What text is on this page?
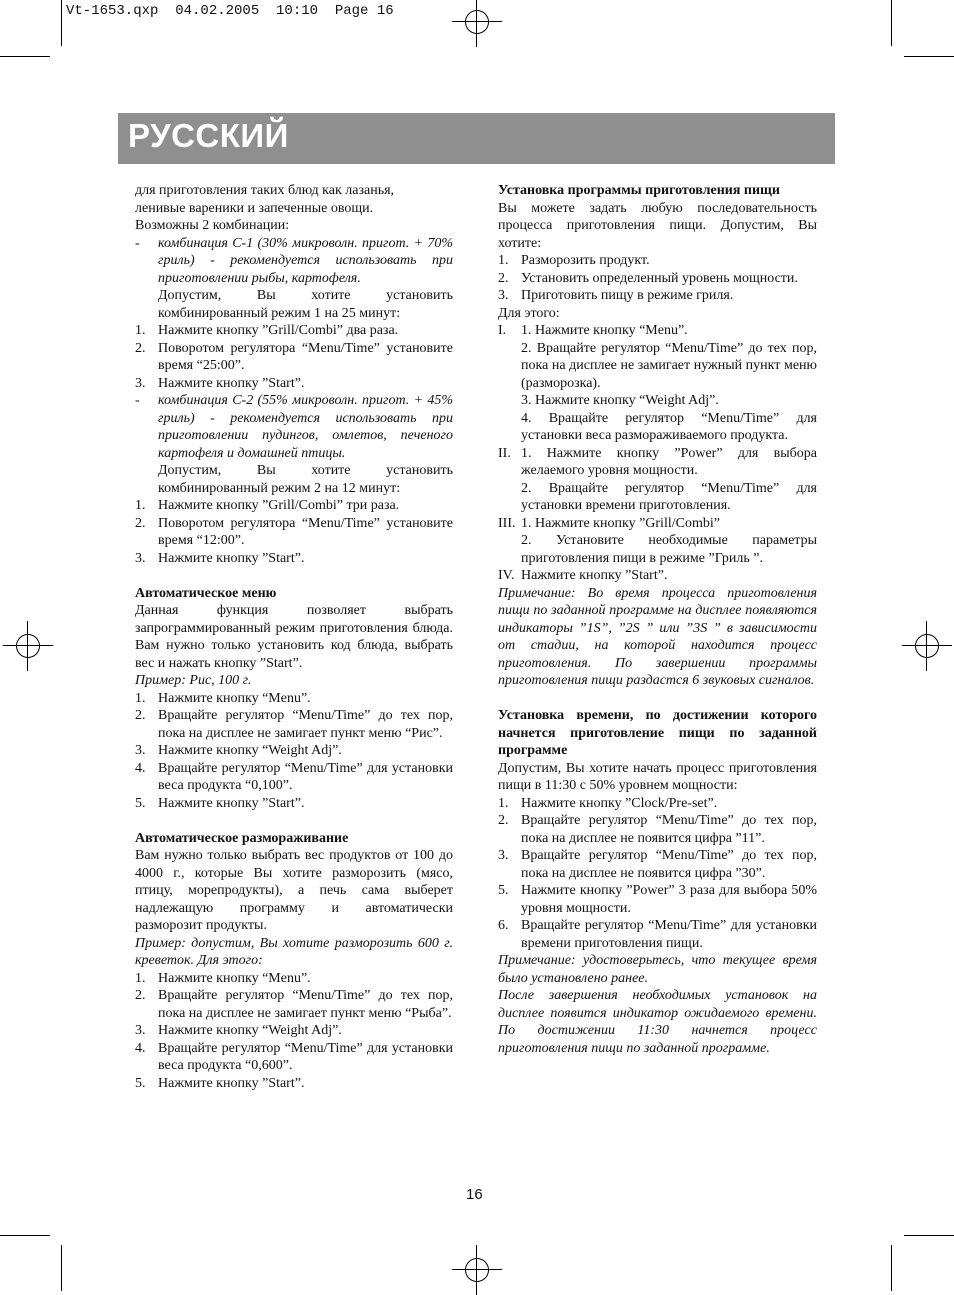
Vt-1653.qxp  04.02.2005  10:10  Page 16
РУССКИЙ

для приготовления таких блюд как лазанья,

ленивые вареники и запеченные овощи.

Возможны 2 комбинации:

-	комбинация C-1 (30% микроволн. пригот. + 70% гриль) - рекомендуется использовать при приготовлении рыбы, картофеля.

Допустим, Вы хотите установить

комбинированный режим 1 на 25 минут:

1. Нажмите кнопку ”Grill/Combi” два раза.
2. Поворотом регулятора “Menu/Time” установите время “25:00”.
3. Нажмите кнопку ”Start”.
-	комбинация C-2 (55% микроволн. пригот. + 45% гриль) - рекомендуется использовать при приготовлении пудингов, омлетов, печеного картофеля и домашней птицы.

Допустим, Вы хотите установить

комбинированный режим 2 на 12 минут:

1. Нажмите кнопку ”Grill/Combi” три раза.
2. Поворотом регулятора “Menu/Time” установите время “12:00”.
3. Нажмите кнопку ”Start”.

Автоматическое меню

Данная функция позволяет выбрать запрограммированный режим приготовления блюда. Вам нужно только установить код блюда, выбрать вес и нажать кнопку ”Start”.

Пример: Рис, 100 г.

1. Нажмите кнопку “Menu”.
2. Вращайте регулятор “Menu/Time” до тех пор, пока на дисплее не замигает пункт меню “Рис”.
3. Нажмите кнопку “Weight Adj”.
4. Вращайте регулятор “Menu/Time” для установки веса продукта “0,100”.
5. Нажмите кнопку ”Start”.

Автоматическое размораживание

Вам нужно только выбрать вес продуктов от 100 до 4000 г., которые Вы хотите разморозить (мясо, птицу, морепродукты), а печь сама выберет надлежащую программу и автоматически разморозит продукты.

Пример: допустим, Вы хотите разморозить 600 г. креветок. Для этого:

1. Нажмите кнопку “Menu”.
2. Вращайте регулятор “Menu/Time” до тех пор, пока на дисплее не замигает пункт меню “Рыба”.
3. Нажмите кнопку “Weight Adj”.
4. Вращайте регулятор “Menu/Time” для установки веса продукта “0,600”.
5. Нажмите кнопку ”Start”.

Установка программы приготовления пищи

Вы можете задать любую последовательность процесса приготовления пищи. Допустим, Вы хотите:

1. Разморозить продукт.
2. Установить определенный уровень мощности.
3. Приготовить пищу в режиме гриля.

Для этого:

I.	1. Нажмите кнопку “Menu”.

2. Вращайте регулятор “Menu/Time” до тех пор, пока на дисплее не замигает нужный пункт меню (разморозка).

3. Нажмите кнопку “Weight Adj”.

4. Вращайте регулятор “Menu/Time” для установки веса размораживаемого продукта.

II. 1. Нажмите кнопку ”Power” для выбора желаемого уровня мощности.

2. Вращайте регулятор “Menu/Time” для установки времени приготовления.

III. 1. Нажмите кнопку ”Grill/Combi”

2. Установите необходимые параметры приготовления пищи в режиме ”Гриль ”.

IV. Нажмите кнопку ”Start”.

Примечание: Во время процесса приготовления пищи по заданной программе на дисплее появляются индикаторы ”1S”, ”2S ” или ”3S ” в зависимости от стадии, на которой находится процесс приготовления. По завершении программы приготовления пищи раздастся 6 звуковых сигналов.

Установка времени, по достижении которого начнется приготовление пищи по заданной программе

Допустим, Вы хотите начать процесс приготовления пищи в 11:30 с 50% уровнем мощности:

1. Нажмите кнопку ”Clock/Pre-set”.
2. Вращайте регулятор “Menu/Time” до тех пор, пока на дисплее не появится цифра ”11”.
3. Вращайте регулятор “Menu/Time” до тех пор, пока на дисплее не появится цифра ”30”.
5. Нажмите кнопку ”Power” 3 раза для выбора 50% уровня мощности.
6. Вращайте регулятор “Menu/Time” для установки времени приготовления пищи.

Примечание: удостоверьтесь, что текущее время было установлено ранее.

После завершения необходимых установок на дисплее появится индикатор ожидаемого времени. По достижении 11:30 начнется процесс приготовления пищи по заданной программе.

16
